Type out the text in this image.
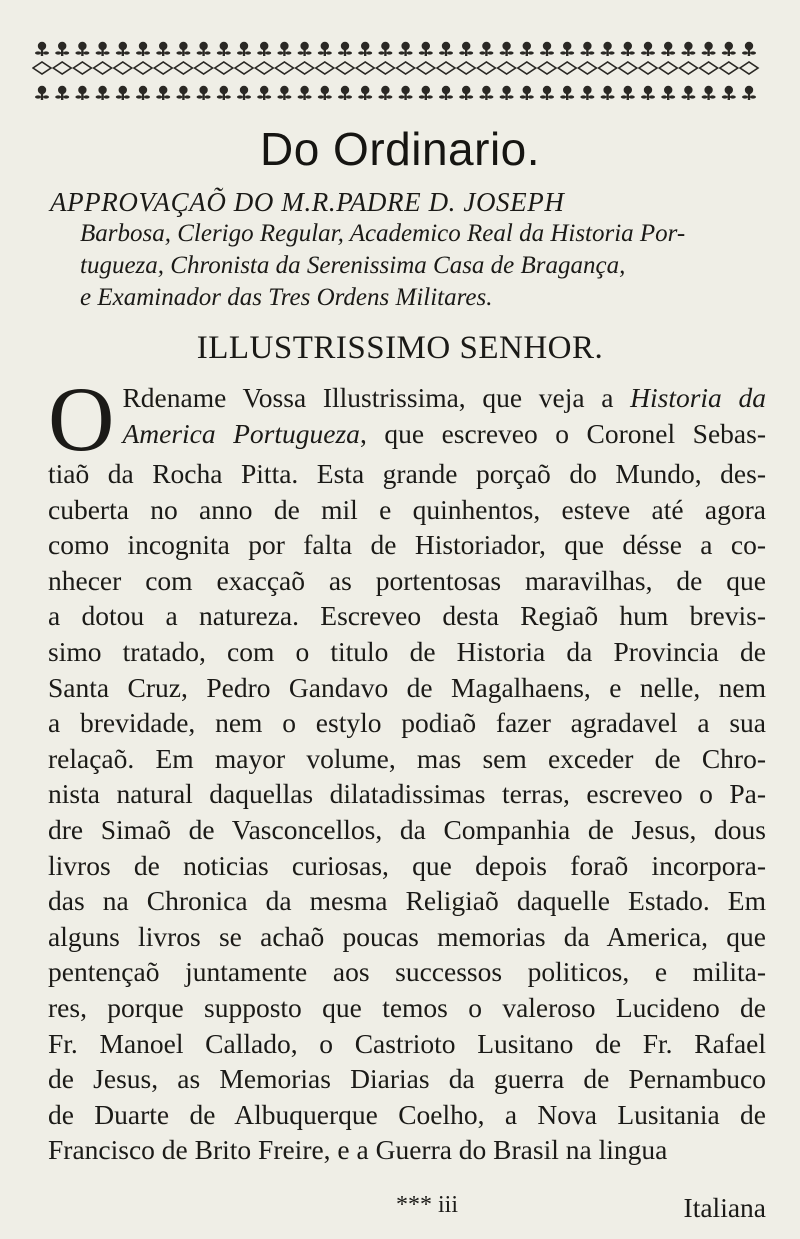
Do Ordinario.

APPROVAÇAÕ DO M.R.PADRE D. JOSEPH

Barbosa, Clerigo Regular, Academico Real da Historia Por-

tugueza, Chronista da Serenissima Casa de Bragança,

e Examinador das Tres Ordens Militares.

ILLUSTRISSIMO SENHOR.
O Rdename Vossa Illustrissima, que veja a Historia da
America Portugueza, que escreveo o Coronel Sebas-
tiaõ da Rocha Pitta. Esta grande porçaõ do Mundo, des-
cuberta no anno de mil e quinhentos, esteve até agora
como incognita por falta de Historiador, que désse a co-
nhecer com exacçaõ as portentosas maravilhas, de que
a dotou a natureza. Escreveo desta Regiaõ hum brevis-
simo tratado, com o titulo de Historia da Provincia de
Santa Cruz, Pedro Gandavo de Magalhaens, e nelle, nem
a brevidade, nem o estylo podiaõ fazer agradavel a sua
relaçaõ. Em mayor volume, mas sem exceder de Chro-
nista natural daquellas dilatadissimas terras, escreveo o Pa-
dre Simaõ de Vasconcellos, da Companhia de Jesus, dous
livros de noticias curiosas, que depois foraõ incorpora-
das na Chronica da mesma Religiaõ daquelle Estado. Em
alguns livros se achaõ poucas memorias da America, que
pentençaõ juntamente aos successos politicos, e milita-
res, porque supposto que temos o valeroso Lucideno de
Fr. Manoel Callado, o Castrioto Lusitano de Fr. Rafael
de Jesus, as Memorias Diarias da guerra de Pernambuco
de Duarte de Albuquerque Coelho, a Nova Lusitania de
Francisco de Brito Freire, e a Guerra do Brasil na lingua
*** iii	Italiana
